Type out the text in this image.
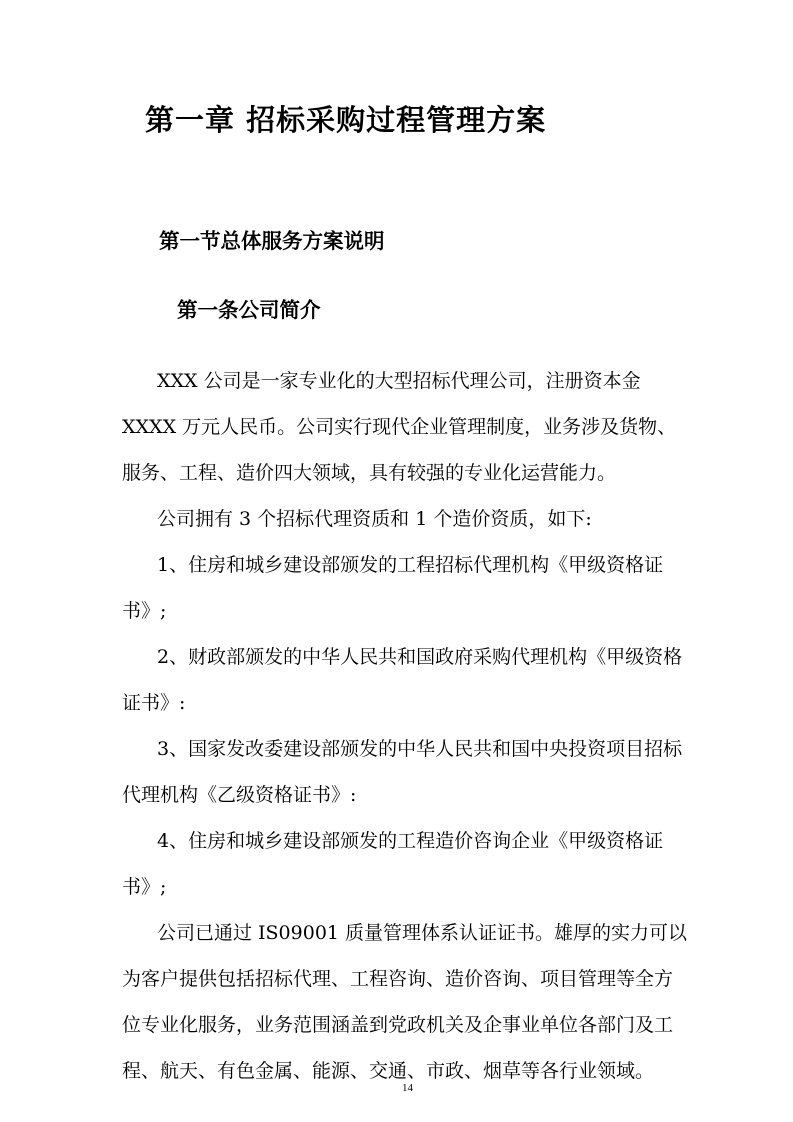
第一章 招标采购过程管理方案
第一节总体服务方案说明
第一条公司简介

XXX 公司是一家专业化的大型招标代理公司，注册资本金

XXXX 万元人民币。公司实行现代企业管理制度，业务涉及货物、

服务、工程、造价四大领域，具有较强的专业化运营能力。

公司拥有 3 个招标代理资质和 1 个造价资质，如下:

1、住房和城乡建设部颁发的工程招标代理机构《甲级资格证

书》;

2、财政部颁发的中华人民共和国政府采购代理机构《甲级资格

证书》:

3、国家发改委建设部颁发的中华人民共和国中央投资项目招标

代理机构《乙级资格证书》:

4、住房和城乡建设部颁发的工程造价咨询企业《甲级资格证

书》;

公司已通过 IS09001 质量管理体系认证证书。雄厚的实力可以

为客户提供包括招标代理、工程咨询、造价咨询、项目管理等全方

位专业化服务，业务范围涵盖到党政机关及企事业单位各部门及工

程、航天、有色金属、能源、交通、市政、烟草等各行业领域。

14
